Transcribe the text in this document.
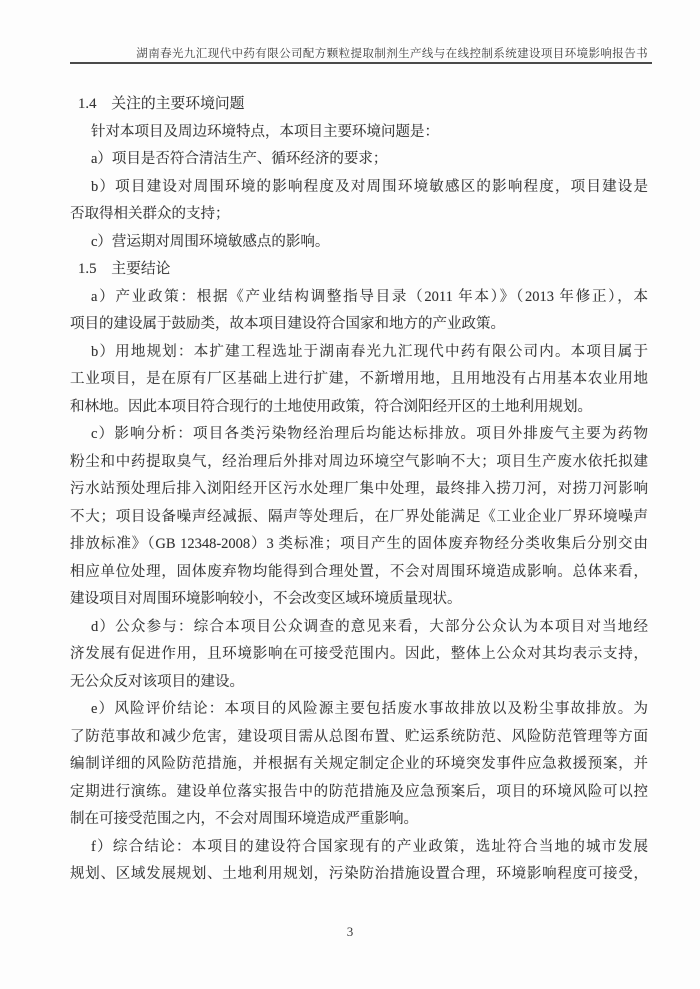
湖南春光九汇现代中药有限公司配方颗粒提取制剂生产线与在线控制系统建设项目环境影响报告书
1.4　关注的主要环境问题
针对本项目及周边环境特点，本项目主要环境问题是：
a）项目是否符合清洁生产、循环经济的要求；
b）项目建设对周围环境的影响程度及对周围环境敏感区的影响程度，项目建设是
否取得相关群众的支持；
c）营运期对周围环境敏感点的影响。
1.5　主要结论
a）产业政策：根据《产业结构调整指导目录（2011 年本）》（2013 年修正），本
项目的建设属于鼓励类，故本项目建设符合国家和地方的产业政策。
b）用地规划：本扩建工程选址于湖南春光九汇现代中药有限公司内。本项目属于
工业项目，是在原有厂区基础上进行扩建，不新增用地，且用地没有占用基本农业用地
和林地。因此本项目符合现行的土地使用政策，符合浏阳经开区的土地利用规划。
c）影响分析：项目各类污染物经治理后均能达标排放。项目外排废气主要为药物
粉尘和中药提取臭气，经治理后外排对周边环境空气影响不大；项目生产废水依托拟建
污水站预处理后排入浏阳经开区污水处理厂集中处理，最终排入捞刀河，对捞刀河影响
不大；项目设备噪声经减振、隔声等处理后，在厂界处能满足《工业企业厂界环境噪声
排放标准》（GB 12348-2008）3 类标准；项目产生的固体废弃物经分类收集后分别交由
相应单位处理，固体废弃物均能得到合理处置，不会对周围环境造成影响。总体来看，
建设项目对周围环境影响较小，不会改变区域环境质量现状。
d）公众参与：综合本项目公众调查的意见来看，大部分公众认为本项目对当地经
济发展有促进作用，且环境影响在可接受范围内。因此，整体上公众对其均表示支持，
无公众反对该项目的建设。
e）风险评价结论：本项目的风险源主要包括废水事故排放以及粉尘事故排放。为
了防范事故和减少危害，建设项目需从总图布置、贮运系统防范、风险防范管理等方面
编制详细的风险防范措施，并根据有关规定制定企业的环境突发事件应急救援预案，并
定期进行演练。建设单位落实报告中的防范措施及应急预案后，项目的环境风险可以控
制在可接受范围之内，不会对周围环境造成严重影响。
f）综合结论：本项目的建设符合国家现有的产业政策，选址符合当地的城市发展
规划、区域发展规划、土地利用规划，污染防治措施设置合理，环境影响程度可接受，
3
